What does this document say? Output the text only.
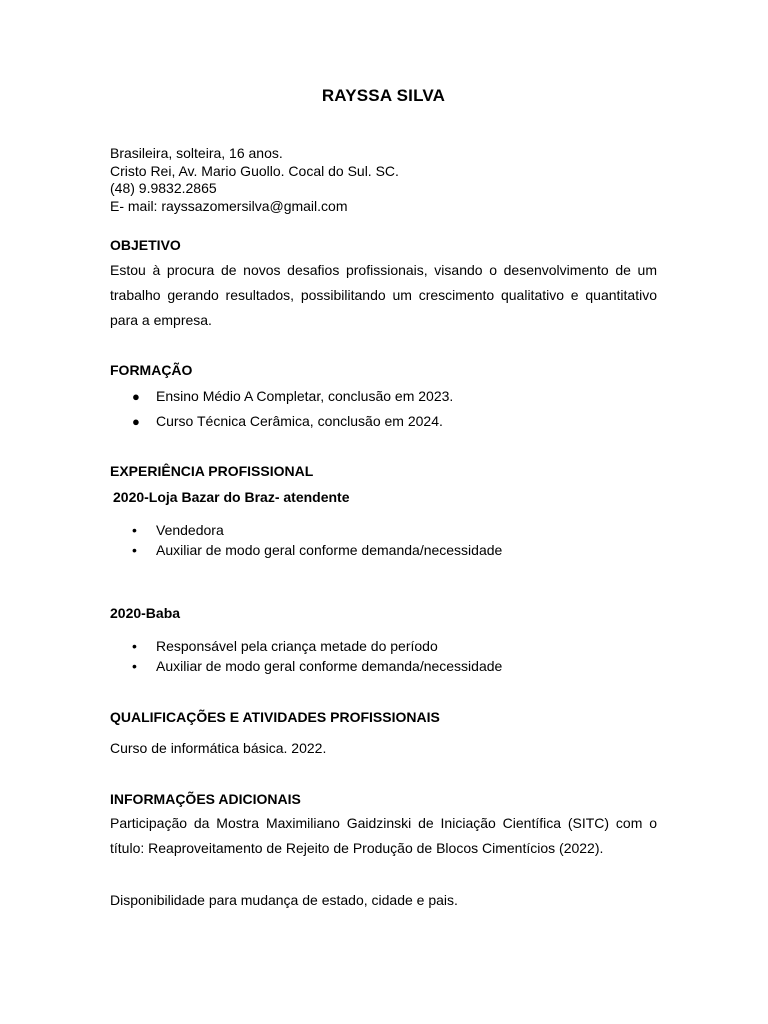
RAYSSA SILVA
Brasileira, solteira, 16 anos.
Cristo Rei, Av. Mario Guollo. Cocal do Sul. SC.
(48) 9.9832.2865
E- mail: rayssazomersilva@gmail.com
OBJETIVO
Estou à procura de novos desafios profissionais, visando o desenvolvimento de um trabalho gerando resultados, possibilitando um crescimento qualitativo e quantitativo para a empresa.
FORMAÇÃO
● Ensino Médio A Completar, conclusão em 2023.
● Curso Técnica Cerâmica, conclusão em 2024.
EXPERIÊNCIA PROFISSIONAL
2020-Loja Bazar do Braz- atendente
• Vendedora
• Auxiliar de modo geral conforme demanda/necessidade
2020-Baba
• Responsável pela criança metade do período
• Auxiliar de modo geral conforme demanda/necessidade
QUALIFICAÇÕES E ATIVIDADES PROFISSIONAIS
Curso de informática básica. 2022.
INFORMAÇÕES ADICIONAIS
Participação da Mostra Maximiliano Gaidzinski de Iniciação Científica (SITC) com o título: Reaproveitamento de Rejeito de Produção de Blocos Cimentícios (2022).
Disponibilidade para mudança de estado, cidade e pais.
